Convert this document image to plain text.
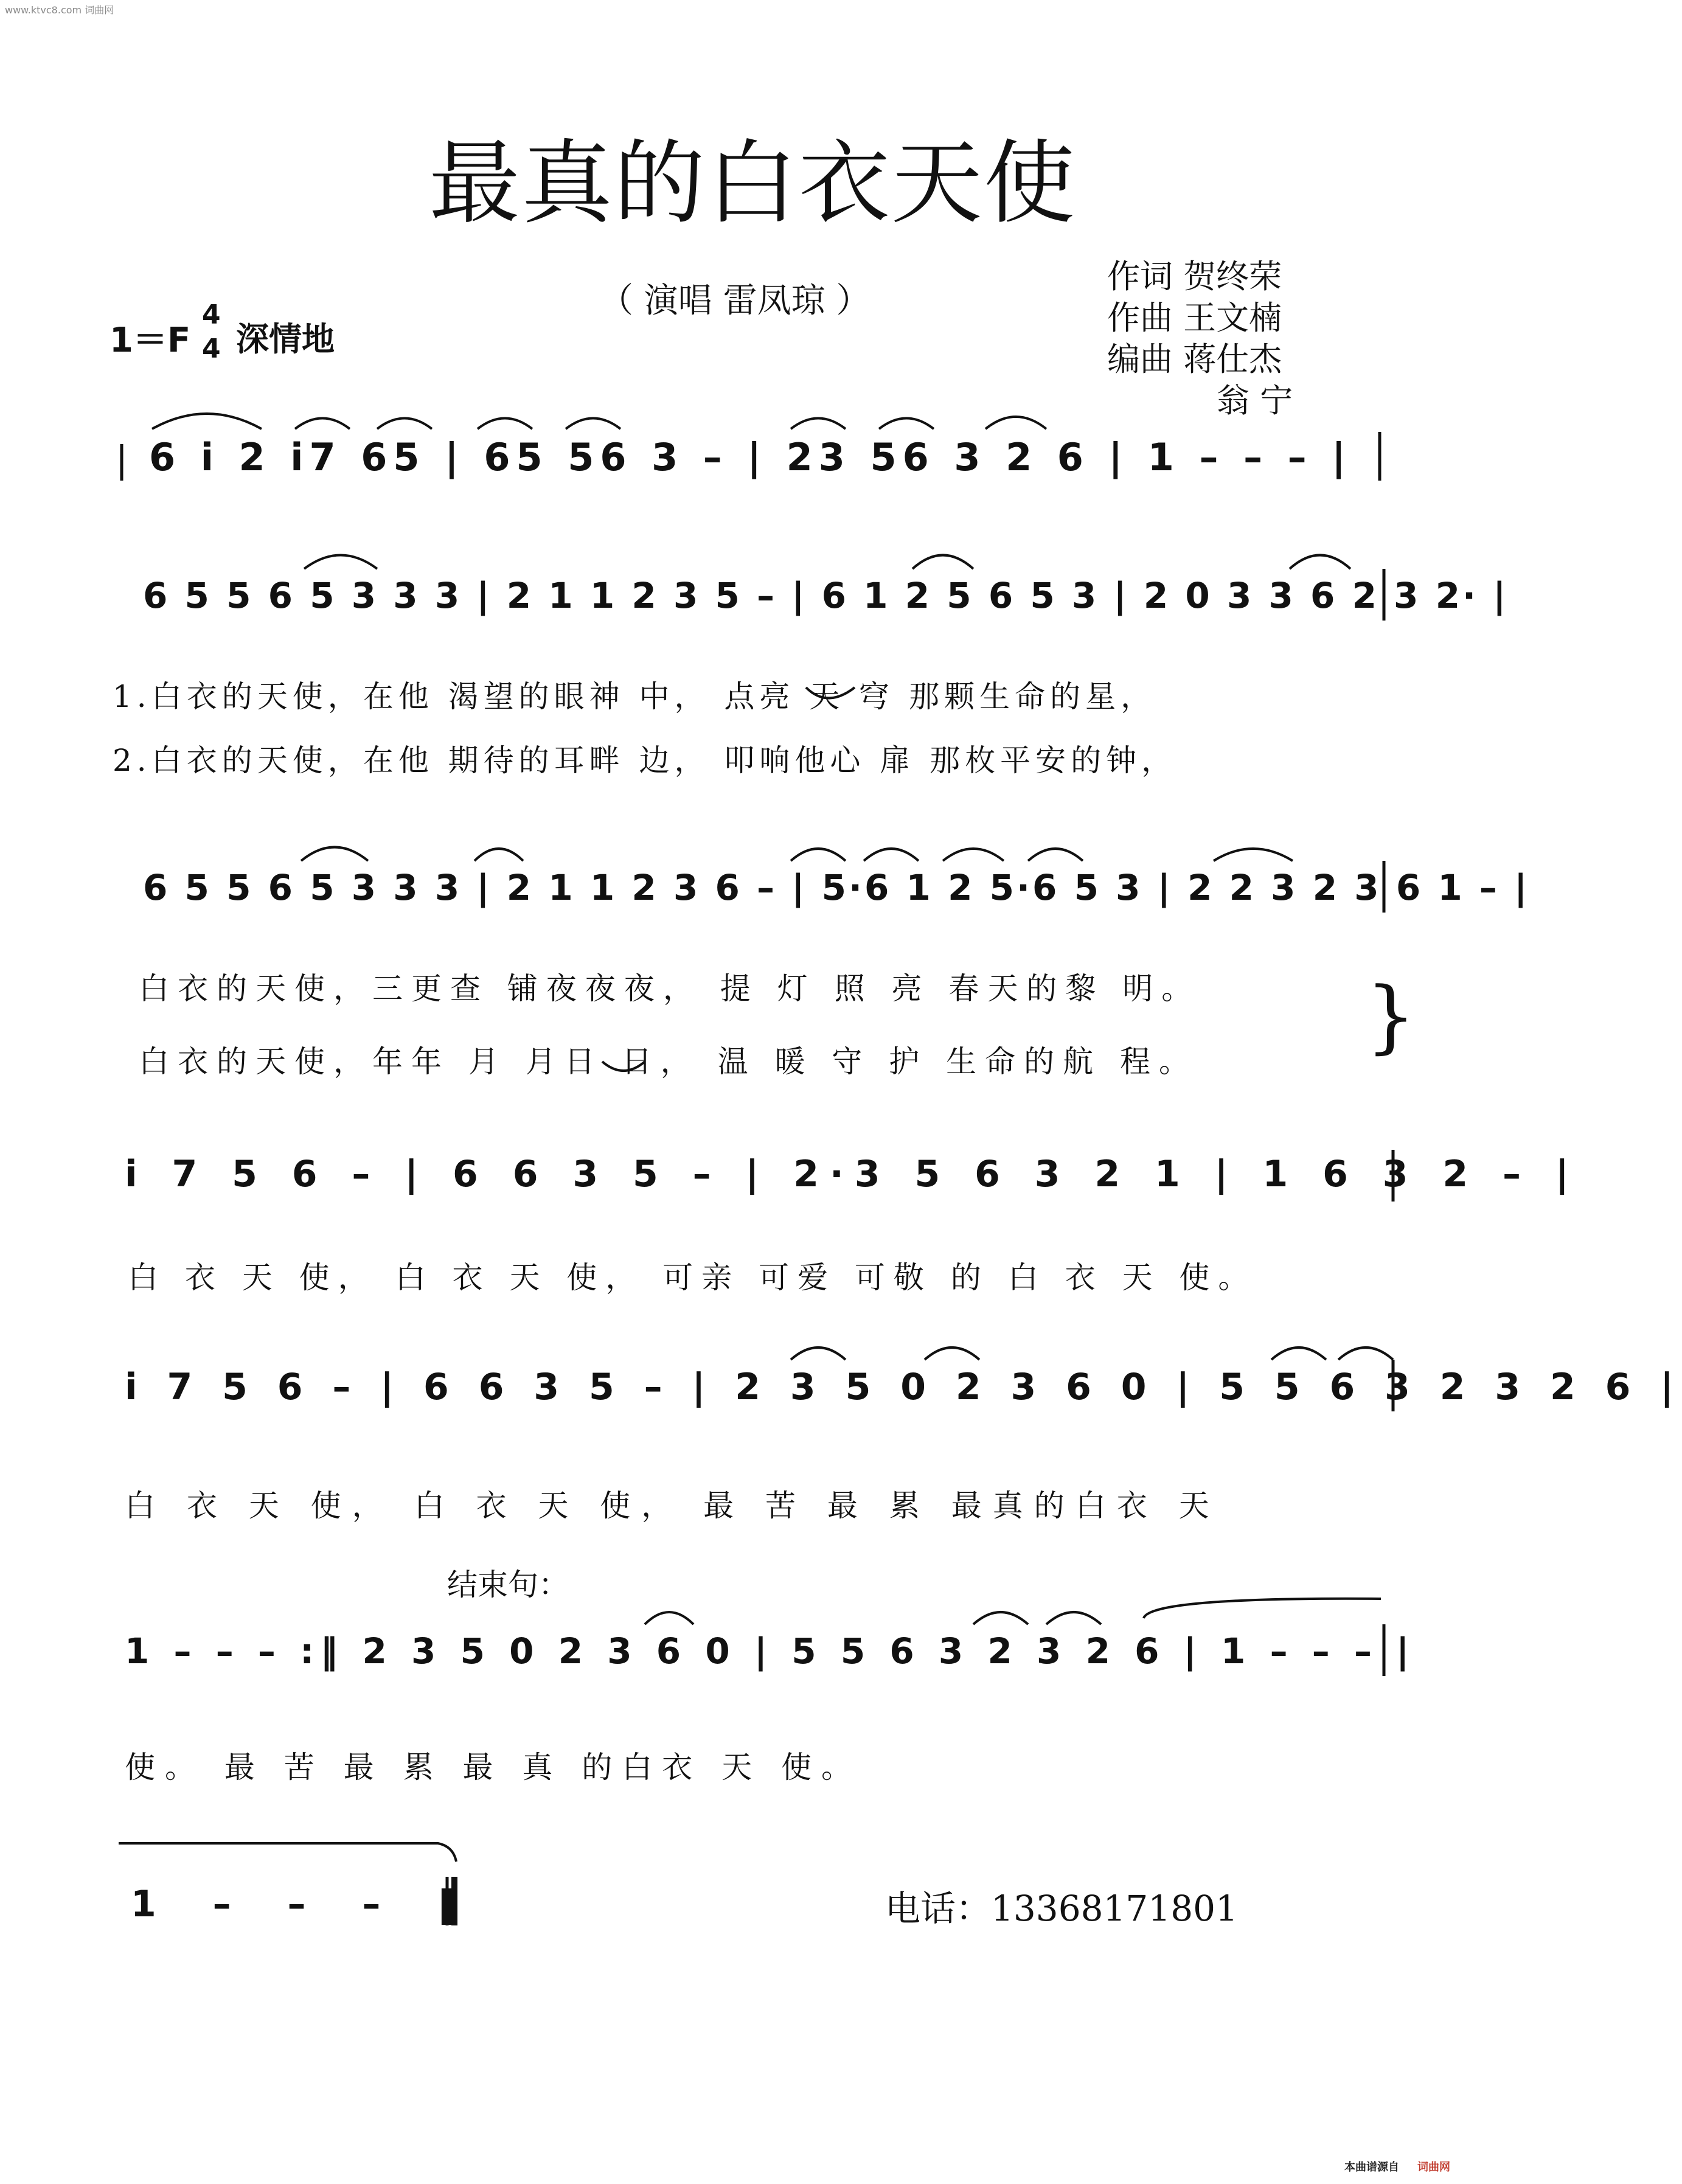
www.ktvc8.com 词曲网
本曲谱源自 词曲网
最真的白衣天使
（ 演唱 雷凤琼 ）
1＝F
4
4 深情地
作词 贺终荣
作曲 王文楠
编曲 蒋仕杰
翁 宁
6 i 2 i7 65 | 65 56 3 – | 23 56 3 2 6 | 1 – – – |
6 5 5 6 5 3 3 3 | 2 1 1 2 3 5 – | 6 1 2 5 6 5 3 | 2 0 3 3 6 2 3 2· |
1.白衣的天使，在他 渴望的眼神 中， 点亮 天 穹 那颗生命的星，
2.白衣的天使，在他 期待的耳畔 边， 叩响他心 扉 那枚平安的钟，
6 5 5 6 5 3 3 3 | 2 1 1 2 3 6 – | 5·6 1 2 5·6 5 3 | 2 2 3 2 3 6 1 – |
白衣的天使，三更查 铺夜夜夜， 提 灯 照 亮 春天的黎 明。
白衣的天使，年年 月 月日 日， 温 暖 守 护 生命的航 程。 }
i 7 5 6 – | 6 6 3 5 – | 2·3 5 6 3 2 1 | 1 6 3 2 – |
白 衣 天 使， 白 衣 天 使， 可亲 可爱 可敬 的 白 衣 天 使。
i 7 5 6 – | 6 6 3 5 – | 2 3 5 0 2 3 6 0 | 5 5 6 3 2 3 2 6 |
白 衣 天 使， 白 衣 天 使， 最 苦 最 累 最真的白衣 天
结束句：
1 – – – :‖ 2 3 5 0 2 3 6 0 | 5 5 6 3 2 3 2 6 | 1 – – – |
使。 最 苦 最 累 最 真 的白衣 天 使。
1 – – – ‖	电话：13368171801
